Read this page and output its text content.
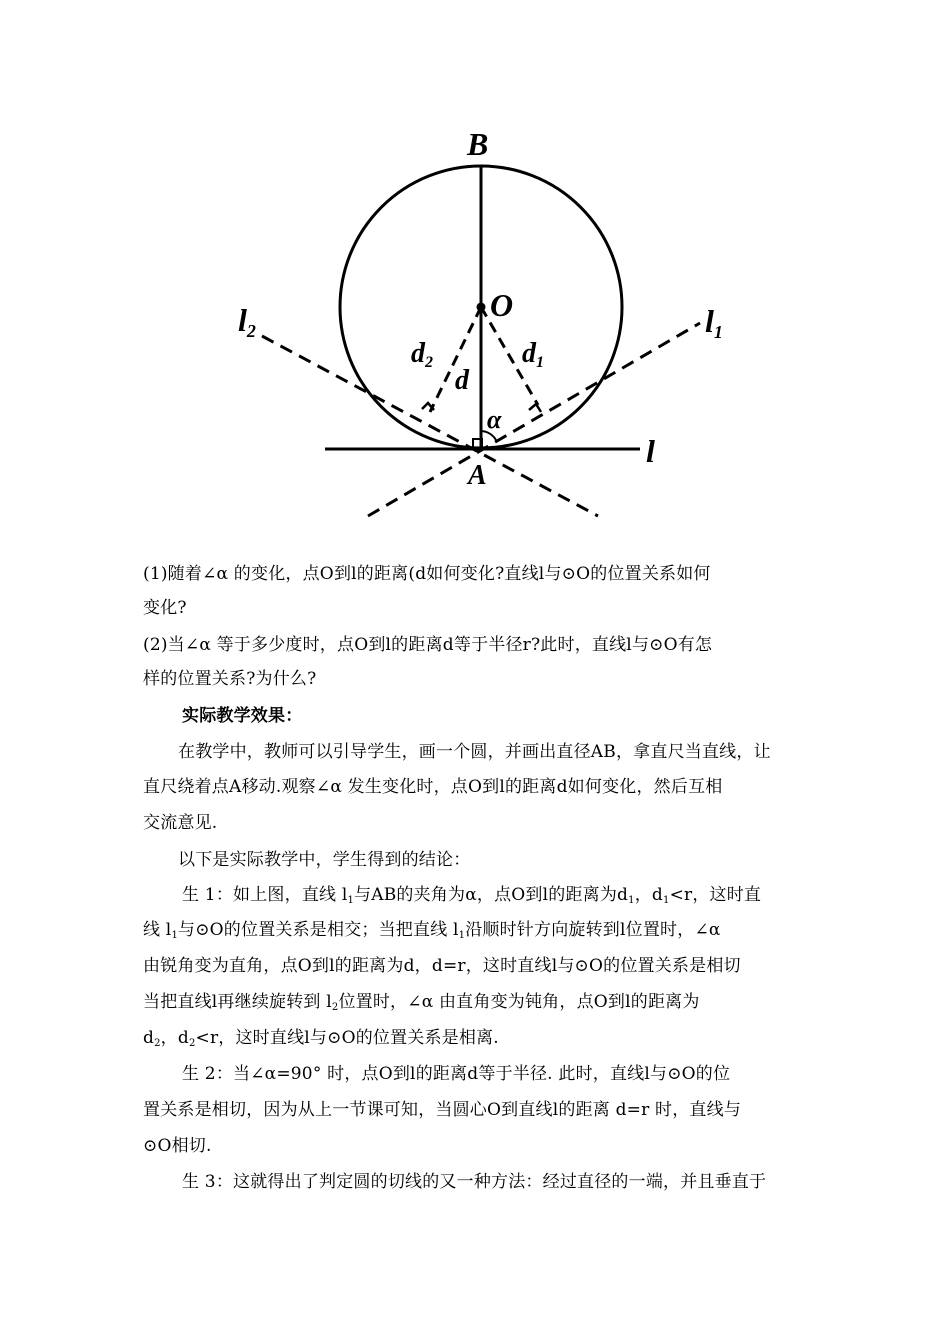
B
O
A
d
d1
d2
α
l
l1
l2
(1)随着∠α 的变化，点O到l的距离(d如何变化?直线l与⊙O的位置关系如何
变化?
(2)当∠α 等于多少度时，点O到l的距离d等于半径r?此时，直线l与⊙O有怎
样的位置关系?为什么?
实际教学效果：
在教学中，教师可以引导学生，画一个圆，并画出直径AB，拿直尺当直线，让
直尺绕着点A移动.观察∠α 发生变化时，点O到l的距离d如何变化，然后互相
交流意见.
以下是实际教学中，学生得到的结论：
生 1：如上图，直线 $l_1$与AB的夹角为α，点O到l的距离为$d_1$，$d_1<r$，这时直
线 $l_1$与⊙O的位置关系是相交；当把直线 $l_1$沿顺时针方向旋转到l位置时，∠α
由锐角变为直角，点O到l的距离为d，d=r，这时直线l与⊙O的位置关系是相切
当把直线l再继续旋转到 $l_2$位置时，∠α 由直角变为钝角，点O到l的距离为
$d_2$，$d_2<r$，这时直线l与⊙O的位置关系是相离.
生 2：当∠α=90° 时，点O到l的距离d等于半径. 此时，直线l与⊙O的位
置关系是相切，因为从上一节课可知，当圆心O到直线l的距离 d=r 时，直线与
⊙O相切.
生 3：这就得出了判定圆的切线的又一种方法：经过直径的一端，并且垂直于
